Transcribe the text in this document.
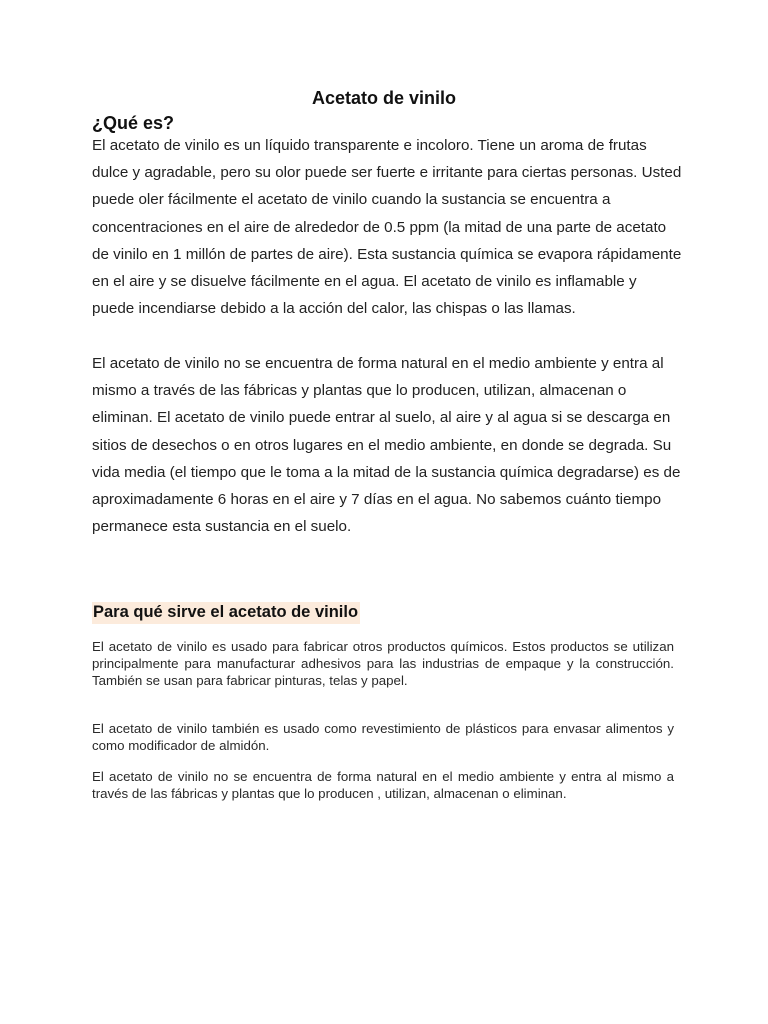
Acetato de vinilo
¿Qué es?
El acetato de vinilo es un líquido transparente e incoloro. Tiene un aroma de frutas dulce y agradable, pero su olor puede ser fuerte e irritante para ciertas personas. Usted puede oler fácilmente el acetato de vinilo cuando la sustancia se encuentra a concentraciones en el aire de alrededor de 0.5 ppm (la mitad de una parte de acetato de vinilo en 1 millón de partes de aire). Esta sustancia química se evapora rápidamente en el aire y se disuelve fácilmente en el agua. El acetato de vinilo es inflamable y puede incendiarse debido a la acción del calor, las chispas o las llamas.
El acetato de vinilo no se encuentra de forma natural en el medio ambiente y entra al mismo a través de las fábricas y plantas que lo producen, utilizan, almacenan o eliminan. El acetato de vinilo puede entrar al suelo, al aire y al agua si se descarga en sitios de desechos o en otros lugares en el medio ambiente, en donde se degrada. Su vida media (el tiempo que le toma a la mitad de la sustancia química degradarse) es de aproximadamente 6 horas en el aire y 7 días en el agua. No sabemos cuánto tiempo permanece esta sustancia en el suelo.
Para qué sirve el acetato de vinilo
El acetato de vinilo es usado para fabricar otros productos químicos. Estos productos se utilizan principalmente para manufacturar adhesivos para las industrias de empaque y la construcción. También se usan para fabricar pinturas, telas y papel.
El acetato de vinilo también es usado como revestimiento de plásticos para envasar alimentos y como modificador de almidón.
El acetato de vinilo no se encuentra de forma natural en el medio ambiente y entra al mismo a través de las fábricas y plantas que lo producen , utilizan, almacenan o eliminan.
